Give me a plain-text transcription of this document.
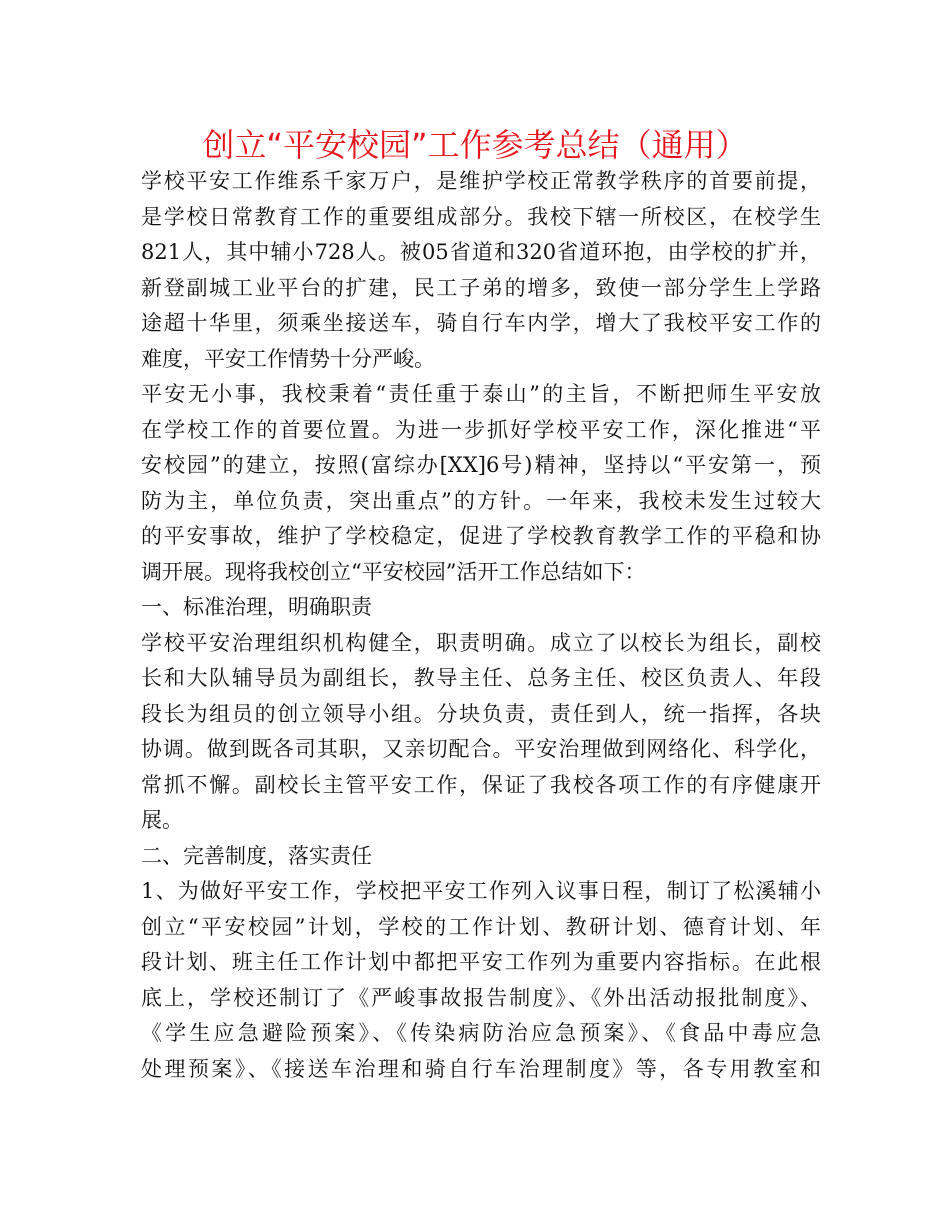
创立“平安校园”工作参考总结（通用）
学校平安工作维系千家万户，是维护学校正常教学秩序的首要前提，
是学校日常教育工作的重要组成部分。我校下辖一所校区，在校学生
821人，其中辅小728人。被05省道和320省道环抱，由学校的扩并，
新登副城工业平台的扩建，民工子弟的增多，致使一部分学生上学路
途超十华里，须乘坐接送车，骑自行车内学，增大了我校平安工作的
难度，平安工作情势十分严峻。
平安无小事，我校秉着“责任重于泰山”的主旨，不断把师生平安放
在学校工作的首要位置。为进一步抓好学校平安工作，深化推进“平
安校园”的建立，按照(富综办[XX]6号)精神，坚持以“平安第一，预
防为主，单位负责，突出重点”的方针。一年来，我校未发生过较大
的平安事故，维护了学校稳定，促进了学校教育教学工作的平稳和协
调开展。现将我校创立“平安校园”活开工作总结如下：
一、标准治理，明确职责
学校平安治理组织机构健全，职责明确。成立了以校长为组长，副校
长和大队辅导员为副组长，教导主任、总务主任、校区负责人、年段
段长为组员的创立领导小组。分块负责，责任到人，统一指挥，各块
协调。做到既各司其职，又亲切配合。平安治理做到网络化、科学化，
常抓不懈。副校长主管平安工作，保证了我校各项工作的有序健康开
展。
二、完善制度，落实责任
1、为做好平安工作，学校把平安工作列入议事日程，制订了松溪辅小
创立“平安校园”计划，学校的工作计划、教研计划、德育计划、年
段计划、班主任工作计划中都把平安工作列为重要内容指标。在此根
底上，学校还制订了《严峻事故报告制度》、《外出活动报批制度》、
《学生应急避险预案》、《传染病防治应急预案》、《食品中毒应急
处理预案》、《接送车治理和骑自行车治理制度》等，各专用教室和
